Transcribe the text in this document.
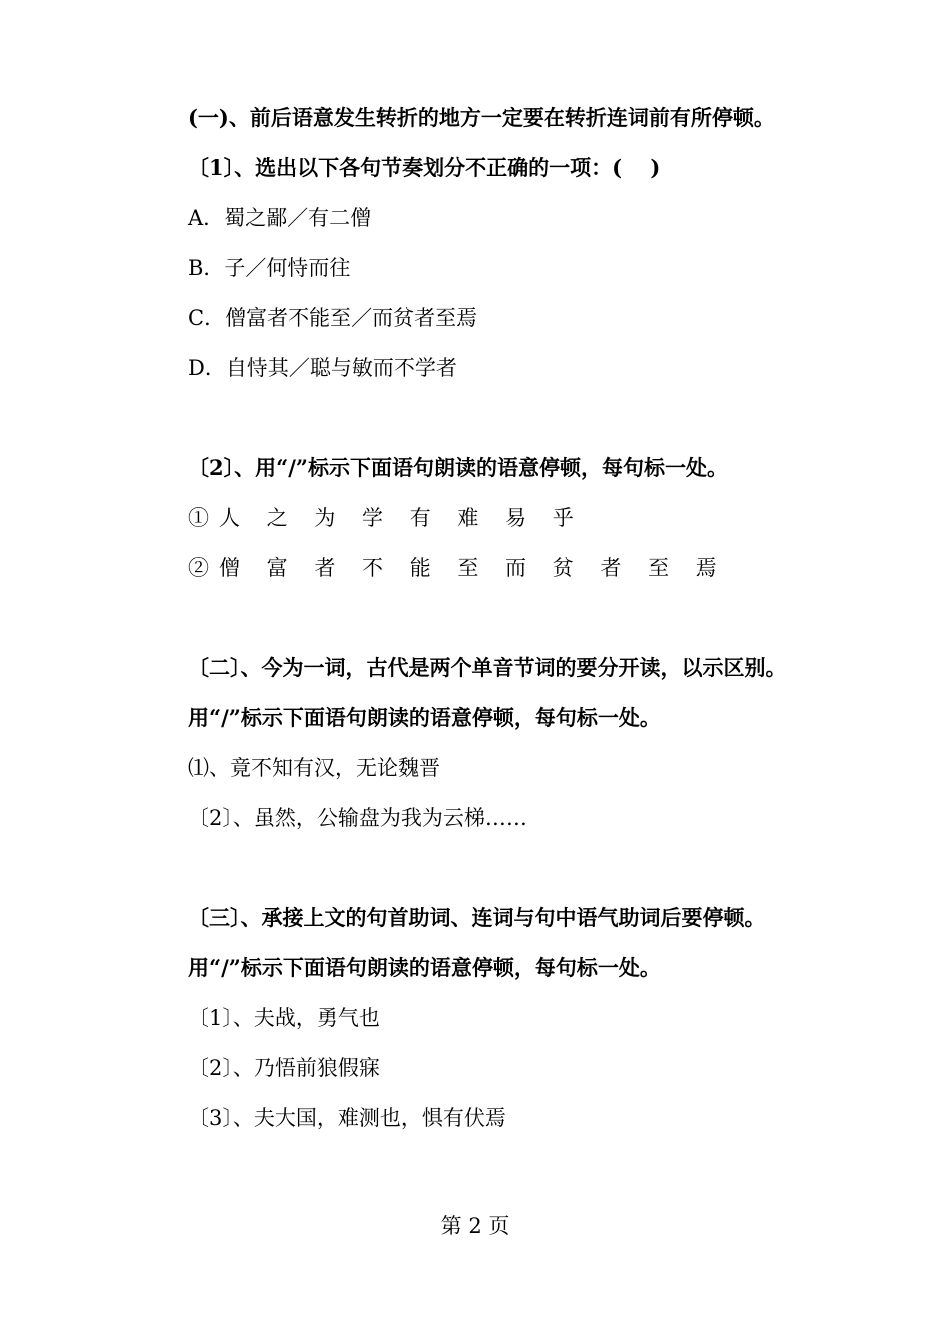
(一)、前后语意发生转折的地方一定要在转折连词前有所停顿。
〔1〕、选出以下各句节奏划分不正确的一项：(　 )
A．蜀之鄙／有二僧
B．子／何恃而往
C．僧富者不能至／而贫者至焉
D．自恃其／聪与敏而不学者
〔2〕、用“/”标示下面语句朗读的语意停顿，每句标一处。
①人 之 为 学 有 难 易 乎
②僧 富 者 不 能 至 而 贫 者 至 焉
〔二〕、今为一词，古代是两个单音节词的要分开读，以示区别。
用“/”标示下面语句朗读的语意停顿，每句标一处。
⑴、竟不知有汉，无论魏晋
〔2〕、虽然，公输盘为我为云梯……
〔三〕、承接上文的句首助词、连词与句中语气助词后要停顿。
用“/”标示下面语句朗读的语意停顿，每句标一处。
〔1〕、夫战，勇气也
〔2〕、乃悟前狼假寐
〔3〕、夫大国，难测也，惧有伏焉
第 2 页
